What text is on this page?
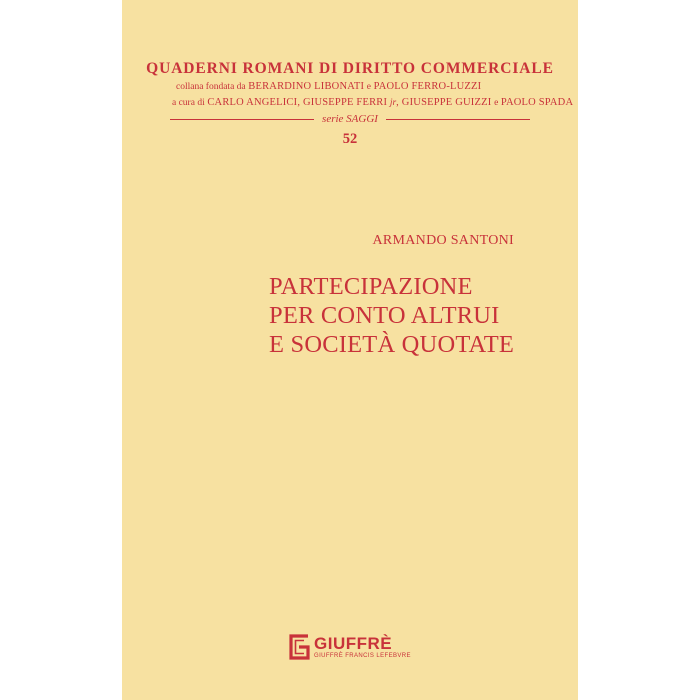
QUADERNI ROMANI DI DIRITTO COMMERCIALE
collana fondata da BERARDINO LIBONATI e PAOLO FERRO-LUZZI
a cura di CARLO ANGELICI, GIUSEPPE FERRI jr, GIUSEPPE GUIZZI e PAOLO SPADA
serie SAGGI
52
ARMANDO SANTONI
PARTECIPAZIONE
PER CONTO ALTRUI
E SOCIETÀ QUOTATE
GIUFFRÈ
GIUFFRÈ FRANCIS LEFEBVRE
